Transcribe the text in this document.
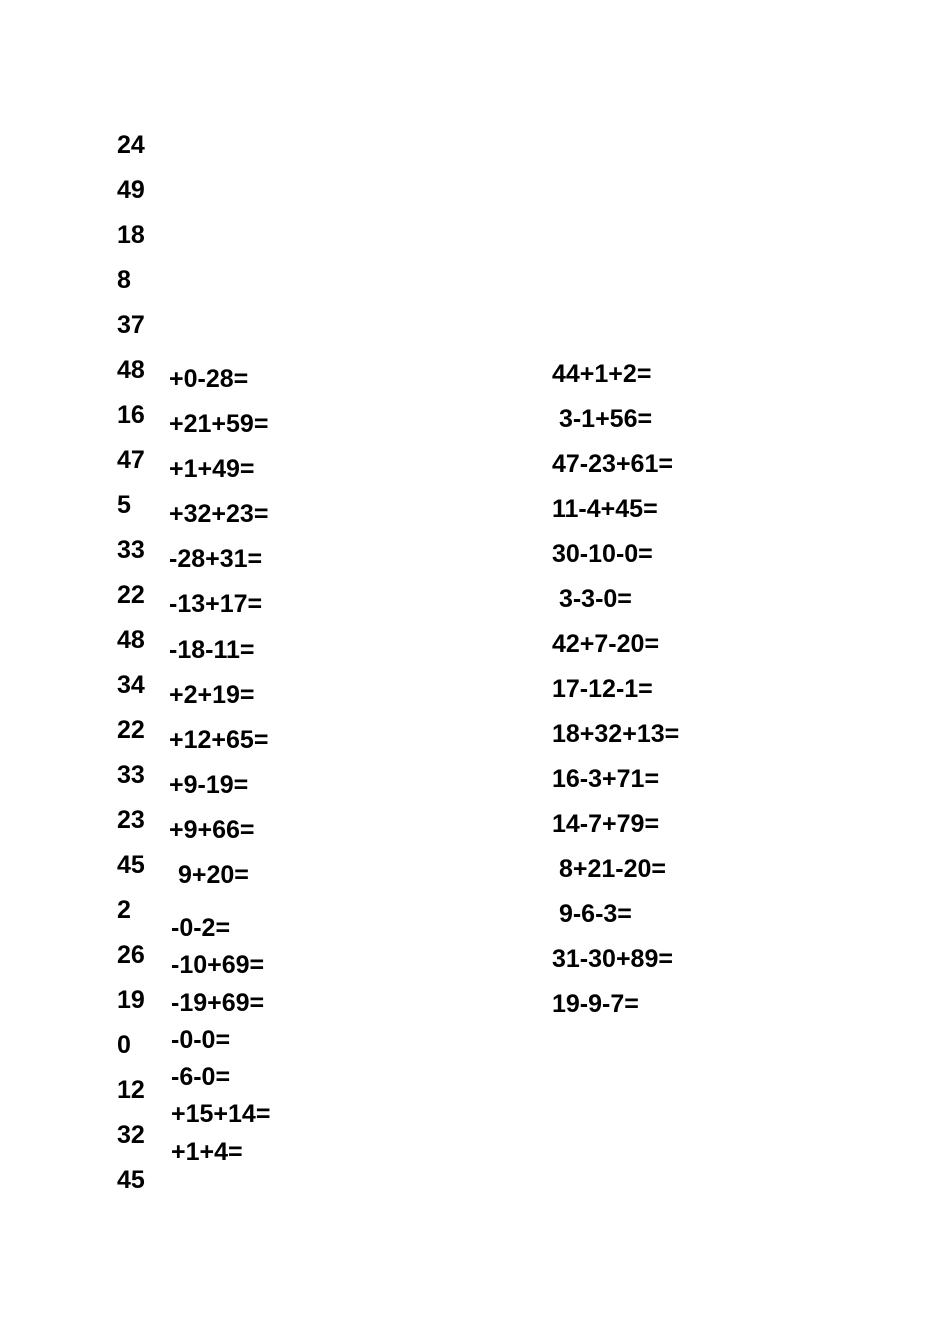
24
49
18
8
37
48
16
47
5
33
22
48
34
22
33
23
45
2
26
19
0
12
32
45
+0-28=
+21+59=
+1+49=
+32+23=
-28+31=
-13+17=
-18-11=
+2+19=
+12+65=
+9-19=
+9+66=
9+20=
-0-2=
-10+69=
-19+69=
-0-0=
-6-0=
+15+14=
+1+4=
44+1+2=
3-1+56=
47-23+61=
11-4+45=
30-10-0=
3-3-0=
42+7-20=
17-12-1=
18+32+13=
16-3+71=
14-7+79=
8+21-20=
9-6-3=
31-30+89=
19-9-7=
